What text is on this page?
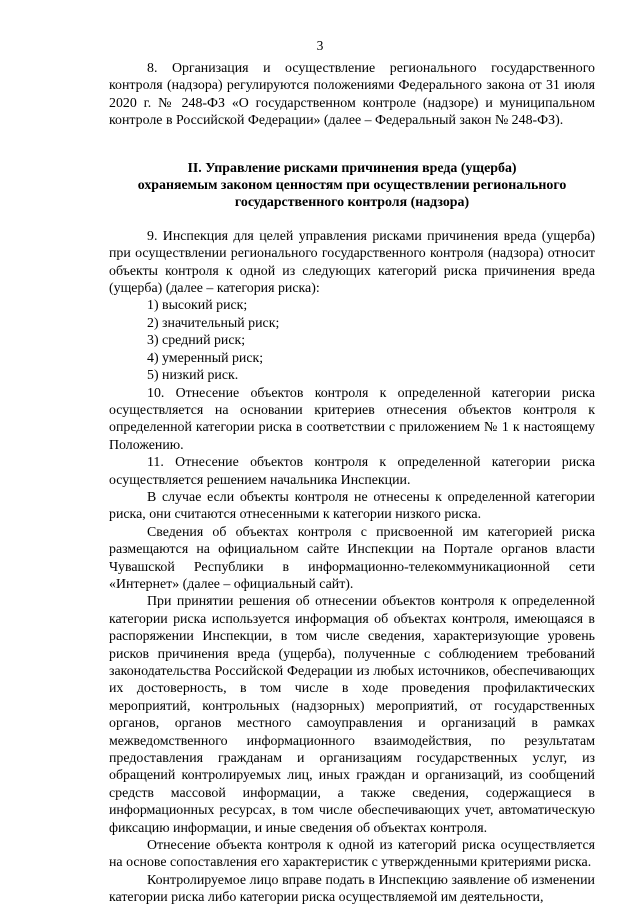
3

8. Организация и осуществление регионального государственного контроля (надзора) регулируются положениями Федерального закона от 31 июля 2020 г. № 248-ФЗ «О государственном контроле (надзоре) и муниципальном контроле в Российской Федерации» (далее – Федеральный закон № 248-ФЗ).

II. Управление рисками причинения вреда (ущерба)
охраняемым законом ценностям при осуществлении регионального
государственного контроля (надзора)

9. Инспекция для целей управления рисками причинения вреда (ущерба) при осуществлении регионального государственного контроля (надзора) относит объекты контроля к одной из следующих категорий риска причинения вреда (ущерба) (далее – категория риска):

1) высокий риск;

2) значительный риск;

3) средний риск;

4) умеренный риск;

5) низкий риск.

10. Отнесение объектов контроля к определенной категории риска осуществляется на основании критериев отнесения объектов контроля к определенной категории риска в соответствии с приложением № 1 к настоящему Положению.

11. Отнесение объектов контроля к определенной категории риска осуществляется решением начальника Инспекции.

В случае если объекты контроля не отнесены к определенной категории риска, они считаются отнесенными к категории низкого риска.

Сведения об объектах контроля с присвоенной им категорией риска размещаются на официальном сайте Инспекции на Портале органов власти Чувашской Республики в информационно-телекоммуникационной сети «Интернет» (далее – официальный сайт).

При принятии решения об отнесении объектов контроля к определенной категории риска используется информация об объектах контроля, имеющаяся в распоряжении Инспекции, в том числе сведения, характеризующие уровень рисков причинения вреда (ущерба), полученные с соблюдением требований законодательства Российской Федерации из любых источников, обеспечивающих их достоверность, в том числе в ходе проведения профилактических мероприятий, контрольных (надзорных) мероприятий, от государственных органов, органов местного самоуправления и организаций в рамках межведомственного информационного взаимодействия, по результатам предоставления гражданам и организациям государственных услуг, из обращений контролируемых лиц, иных граждан и организаций, из сообщений средств массовой информации, а также сведения, содержащиеся в информационных ресурсах, в том числе обеспечивающих учет, автоматическую фиксацию информации, и иные сведения об объектах контроля.

Отнесение объекта контроля к одной из категорий риска осуществляется на основе сопоставления его характеристик с утвержденными критериями риска.

Контролируемое лицо вправе подать в Инспекцию заявление об изменении категории риска либо категории риска осуществляемой им деятельности,
